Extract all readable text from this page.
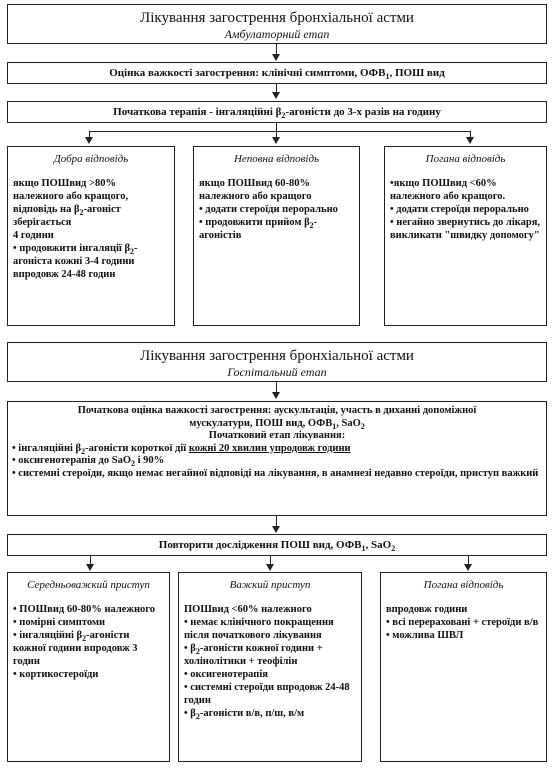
Лікування загострення бронхіальної астми
Амбулаторний етап
Оцінка важкості загострення: клінічні симптоми, $ОФВ_1$, ПОШ вид
Початкова терапія - інгаляційні $\beta_2$-агоністи до 3-х разів на годину
Добра відповідь

якщо ПОШвид >80% належного або кращого, відповідь на $\beta_2$-агоніст зберігається

4 години

• продовжити інгаляції $\beta_2$-агоніста кожні 3-4 години впродовж 24-48 годин

Неповна відповідь

якщо ПОШвид 60-80% належного або кращого

• додати стероїди перорально

• продовжити прийом $\beta_2$-агоністів

Погана відповідь

•якщо ПОШвид <60% належного або кращого.

• додати стероїди перорально

• негайно звернутись до лікаря, викликати "швидку допомогу"

Лікування загострення бронхіальної астми
Госпітальний етап

Початкова оцінка важкості загострення: аускультація, участь в диханні допоміжної

мускулатури, ПОШ вид, $ОФВ_1$, SaO$_2$

Початковий етап лікування:

• інгаляційні $\beta_2$-агоністи короткої дії кожні 20 хвилин упродовж години

• оксигенотерапія до SaO$_2$ і 90%

• системні стероїди, якщо немає негайної відповіді на лікування, в анамнезі недавно стероїди, приступ важкий

Повторити дослідження ПОШ вид, $ОФВ_1$, SaO$_2$
Середньоважкий приступ

• ПОШвид 60-80% належного

• помірні симптоми

• інгаляційні $\beta_2$-агоністи кожної години впродовж 3 годин

• кортикостероїди

Важкий приступ

ПОШвид <60% належного

• немає клінічного покращення після початкового лікування

• $\beta_2$-агоністи кожної години + холінолітики + теофілін

• оксигенотерапія

• системні стероїди впродовж 24-48 годин

• $\beta_2$-агоністи в/в, п/ш, в/м

Погана відповідь

впродовж години

• всі перераховані + стероїди в/в

• можлива ШВЛ
